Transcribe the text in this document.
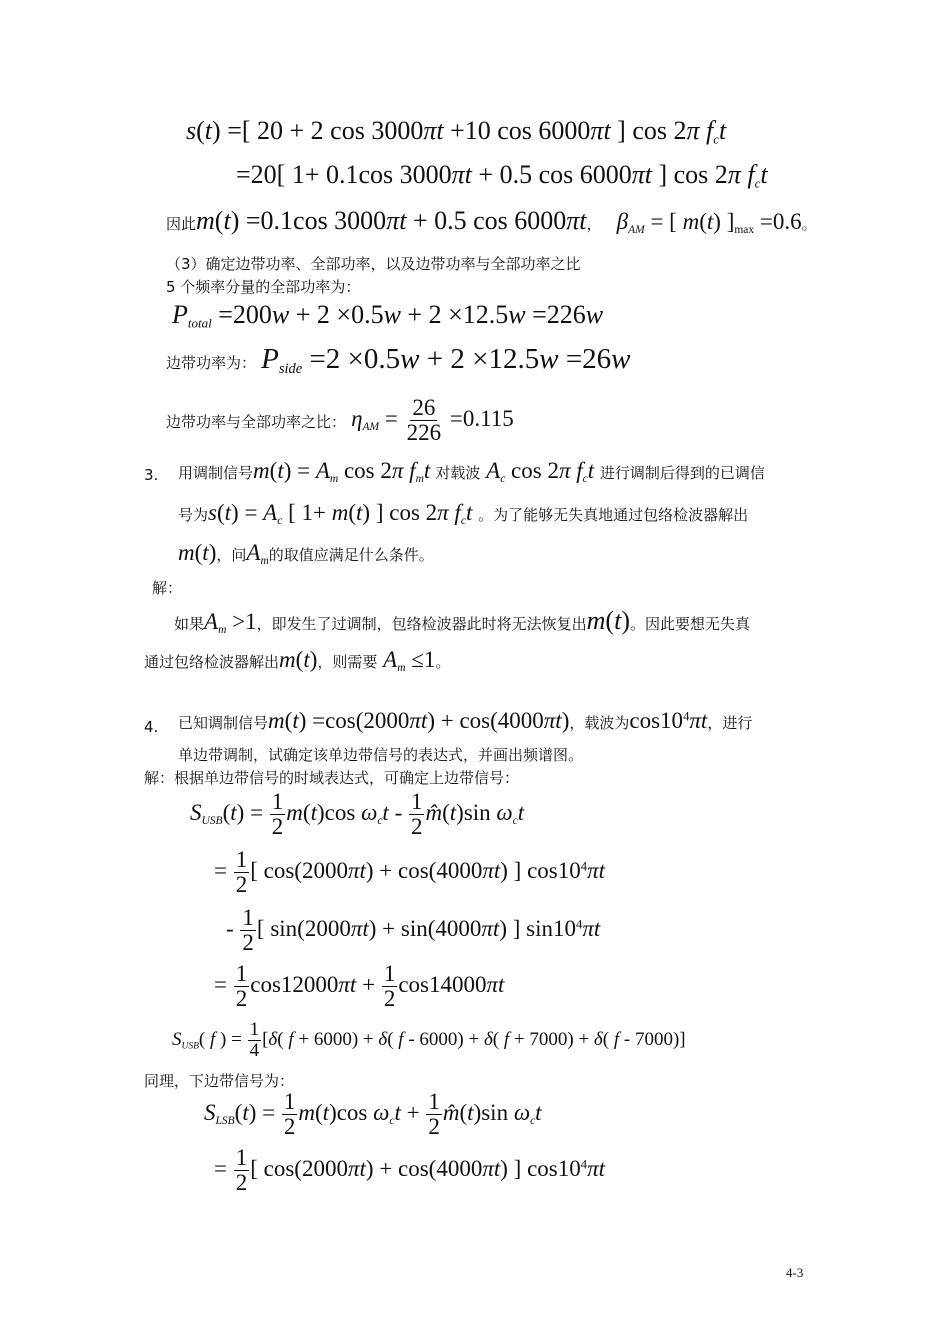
s(t) =[ 20 + 2 cos 3000πt +10 cos 6000πt ] cos 2π $f_ct$
=20[ 1+ 0.1cos 3000πt + 0.5 cos 6000πt ] cos 2π $f_ct$
因此m(t) =0.1cos 3000πt + 0.5 cos 6000πt， $\beta_{AM}$ = [ m(t) ]$_{max} =0.6$。
（3）确定边带功率、全部功率，以及边带功率与全部功率之比
5 个频率分量的全部功率为：
$P_{total} =200w + 2 \times 0.5w + 2 \times 12.5w =226w$
边带功率为： $P_{side} =2 \times 0.5w + 2 \times 12.5w =26w$
边带功率与全部功率之比： $\eta_{AM} = \frac{26}{226} =0.115$
3. 用调制信号$m(t) = A_m$ cos 2π $f_mt$ 对载波 $A_c$ cos 2π $f_ct$ 进行调制后得到的已调信
号为$s(t) = A_c$ [ 1+ m(t) ] cos 2π $f_ct$ 。为了能够无失真地通过包络检波器解出
m(t)，问$A_m$的取值应满足什么条件。
解：
如果$A_m >1$，即发生了过调制，包络检波器此时将无法恢复出m(t)。因此要想无失真
通过包络检波器解出m(t)，则需要 $A_m \le 1$。
4. 已知调制信号m(t) =cos(2000πt) + cos(4000πt)，载波为$\cos 10^4\pi t$，进行
单边带调制，试确定该单边带信号的表达式，并画出频谱图。
解：根据单边带信号的时域表达式，可确定上边带信号：
$S_{USB}(t) = \frac{1}{2} m(t)\cos$ $\omega_ct - \frac{1}{2}$ m̂(t)sin $\omega_ct$
= $\frac{1}{2}$ [ cos(2000πt) + cos(4000πt) ] $\cos 10^4\pi t$
- $\frac{1}{2}$ [ sin(2000πt) + sin(4000πt) ] $\sin 10^4\pi t$
= $\frac{1}{2} \cos 12000\pi t + \frac{1}{2} \cos 14000\pi t$
$S_{USB}$( f ) = $\frac{1}{4} [\delta$( f + 6000) + δ( f - 6000) + δ( f + 7000) + δ( f - 7000)]
同理，下边带信号为：
$S_{LSB}(t) = \frac{1}{2} m(t)\cos$ $\omega_ct + \frac{1}{2}$ m̂(t)sin $\omega_ct$
= $\frac{1}{2}$ [ cos(2000πt) + cos(4000πt) ] $\cos 10^4\pi t$
4-3
